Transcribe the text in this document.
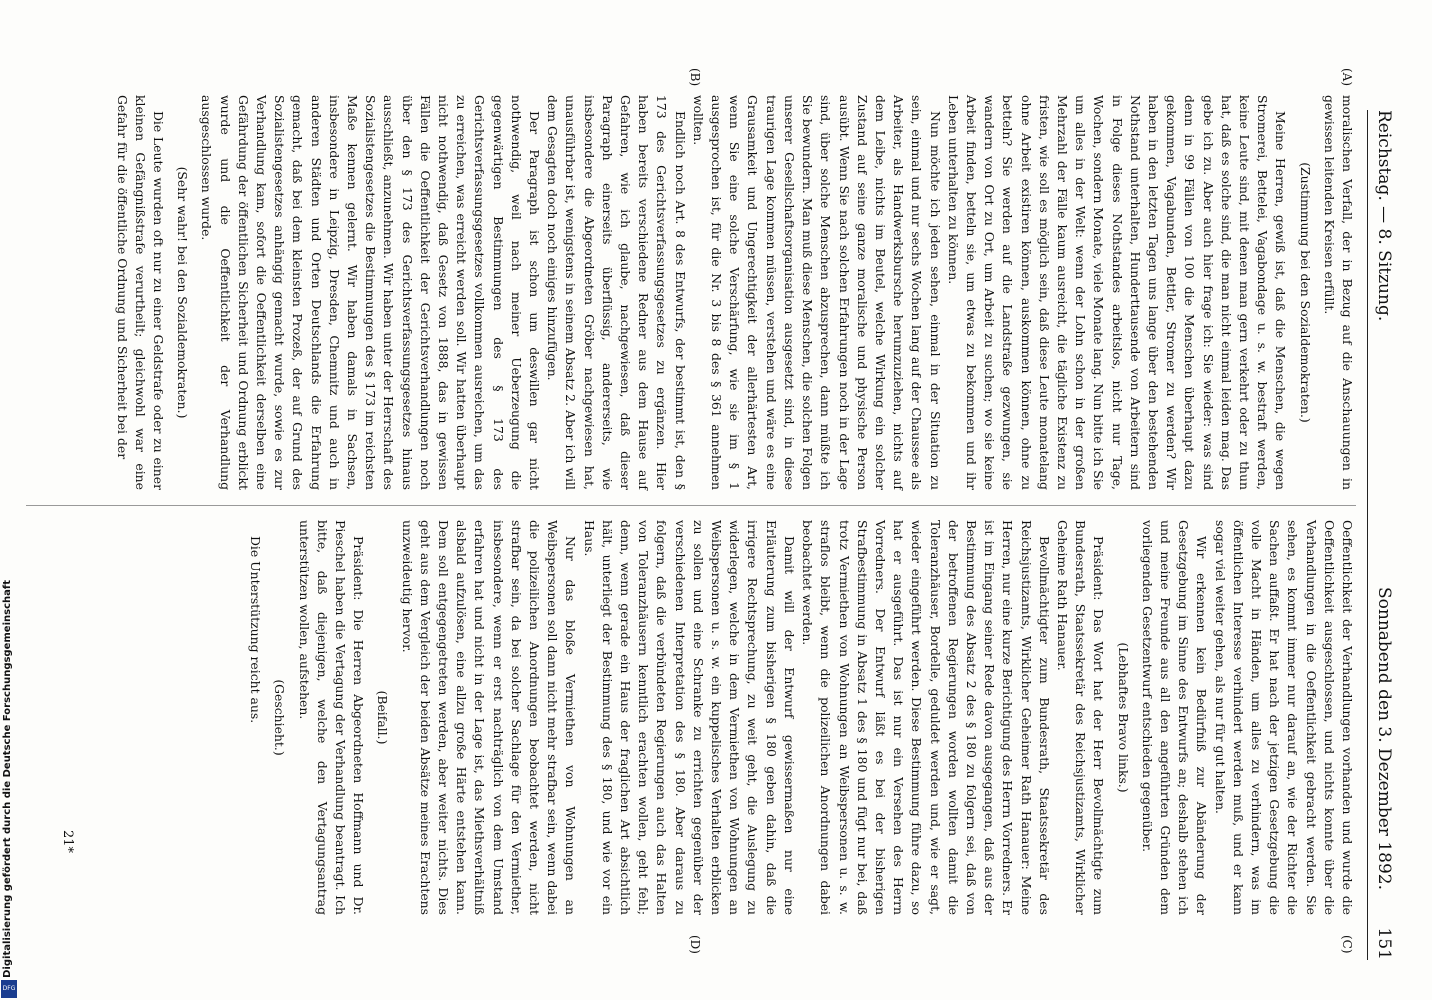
Reichstag. — 8. Sitzung.
Sonnabend den 3. Dezember 1892.
151
(A)
(B)
(C)
(D)

moralischen Verfall, der in Bezug auf die Anschauungen in gewissen leitenden Kreisen erfüllt.

(Zustimmung bei den Sozialdemokraten.)

Meine Herren, gewiß ist, daß die Menschen, die wegen Stromerei, Bettelei, Vagabondage u. s. w. bestraft werden, keine Leute sind, mit denen man gern verkehrt oder zu thun hat, daß es solche sind, die man nicht einmal leiden mag. Das gebe ich zu. Aber auch hier frage ich: Sie wieder: was sind denn in 99 Fällen von 100 die Menschen überhaupt dazu gekommen, Vagabunden, Bettler, Stromer zu werden? Wir haben in den letzten Tagen uns lange über den bestehenden Nothstand unterhalten, Hunderttausende von Arbeitern sind in Folge dieses Nothstandes arbeitslos, nicht nur Tage, Wochen, sondern Monate, viele Monate lang. Nun bitte ich Sie um alles in der Welt: wenn der Lohn schon in der großen Mehrzahl der Fälle kaum ausreicht, die tägliche Existenz zu fristen, wie soll es möglich sein, daß diese Leute monatelang ohne Arbeit existiren können, auskommen können, ohne zu betteln? Sie werden auf die Landstraße gezwungen, sie wandern von Ort zu Ort, um Arbeit zu suchen; wo sie keine Arbeit finden, betteln sie, um etwas zu bekommen und ihr Leben unterhalten zu können.

Nun möchte ich jeden sehen, einmal in der Situation zu sein, einmal und nur sechs Wochen lang auf der Chaussee als Arbeiter, als Handwerksbursche herumzuziehen, nichts auf dem Leibe, nichts im Beutel, welche Wirkung ein solcher Zustand auf seine ganze moralische und physische Person ausübt. Wenn Sie nach solchen Erfahrungen noch in der Lage sind, über solche Menschen abzusprechen, dann müßte ich Sie bewundern. Man muß diese Menschen, die solchen Folgen unserer Gesellschaftsorganisation ausgesetzt sind, in diese traurigen Lage kommen müssen, verstehen und wäre es eine Grausamkeit und Ungerechtigkeit der allerhärtesten Art, wenn Sie eine solche Verschärfung, wie sie im § 1 ausgesprochen ist, für die Nr. 3 bis 8 des § 361 annehmen wollten.

Endlich noch Art. 8 des Entwurfs, der bestimmt ist, den § 173 des Gerichtsverfassungsgesetzes zu ergänzen. Hier haben bereits verschiedene Redner aus dem Hause auf Gefahren, wie ich glaube, nachgewiesen, daß dieser Paragraph einerseits überflüssig, andererseits, wie insbesondere die Abgeordneten Gröber nachgewiesen hat, unausführbar ist, wenigstens in seinem Absatz 2. Aber ich will dem Gesagten doch noch einiges hinzufügen.

Der Paragraph ist schon um deswillen gar nicht nothwendig, weil nach meiner Ueberzeugung die gegenwärtigen Bestimmungen des § 173 des Gerichtsverfassungsgesetzes vollkommen ausreichen, um das zu erreichen, was erreicht werden soll. Wir hatten überhaupt nicht nothwendig, daß Gesetz von 1888, das in gewissen Fällen die Oeffentlichkeit der Gerichtsverhandlungen noch über den § 173 des Gerichtsverfassungsgesetzes hinaus ausschließt, anzunehmen. Wir haben unter der Herrschaft des Sozialistengesetzes die Bestimmungen des § 173 im reichsten Maße kennen gelernt. Wir haben damals in Sachsen, insbesondere in Leipzig, Dresden, Chemnitz und auch in anderen Städten und Orten Deutschlands die Erfahrung gemacht, daß bei dem kleinsten Prozeß, der auf Grund des Sozialistengesetzes anhängig gemacht wurde, sowie es zur Verhandlung kam, sofort die Oeffentlichkeit derselben eine Gefährdung der öffentlichen Sicherheit und Ordnung erblickt wurde und die Oeffentlichkeit der Verhandlung ausgeschlossen wurde.

(Sehr wahr! bei den Sozialdemokraten.)

Die Leute wurden oft nur zu einer Geldstrafe oder zu einer kleinen Gefängnißstrafe verurtheilt; gleichwohl war eine Gefahr für die öffentliche Ordnung und Sicherheit bei der

Oeffentlichkeit der Verhandlungen vorhanden und wurde die Oeffentlichkeit ausgeschlossen, und nichts konnte über die Verhandlungen in die Oeffentlichkeit gebracht werden. Sie sehen, es kommt immer nur darauf an, wie der Richter die Sachen auffaßt. Er hat nach der jetzigen Gesetzgebung die volle Macht in Händen, um alles zu verhindern, was im öffentlichen Interesse verhindert werden muß, und er kann sogar viel weiter gehen, als nur für gut halten.

Wir erkennen kein Bedürfniß zur Abänderung der Gesetzgebung im Sinne des Entwurfs an; deshalb stehen ich und meine Freunde aus all den angeführten Gründen dem vorliegenden Gesetzentwurf entschieden gegenüber.

(Lebhaftes Bravo links.)

Präsident: Das Wort hat der Herr Bevollmächtigte zum Bundesrath, Staatssekretär des Reichsjustizamts, Wirklicher Geheime Rath Hanauer.

Bevollmächtigter zum Bundesrath, Staatssekretär des Reichsjustizamts, Wirklicher Geheimer Rath Hanauer: Meine Herren, nur eine kurze Berichtigung des Herrn Vorredners. Er ist im Eingang seiner Rede davon ausgegangen, daß aus der Bestimmung des Absatz 2 des § 180 zu folgern sei, daß von der betroffenen Regierungen worden wollten damit die Toleranzhäuser, Bordelle, geduldet werden und, wie er sagt, wieder eingeführt werden. Diese Bestimmung führe dazu, so hat er ausgeführt. Das ist nur ein Versehen des Herrn Vorredners. Der Entwurf läßt es bei der bisherigen Strafbestimmung in Absatz 1 des § 180 und fügt nur bei, daß trotz Vermiethen von Wohnungen an Weibspersonen u. s. w. straflos bleibt, wenn die polizeilichen Anordnungen dabei beobachtet werden.

Damit will der Entwurf gewissermaßen nur eine Erläuterung zum bisherigen § 180 geben dahin, daß die irrigere Rechtsprechung, zu weit geht, die Auslegung zu widerlegen, welche in dem Vermiethen von Wohnungen an Weibspersonen u. s. w. ein kuppelisches Verhalten erblicken zu sollen und eine Schranke zu errichten gegenüber der verschiedenen Interpretation des § 180. Aber daraus zu folgern, daß die verbündeten Regierungen auch das Halten von Toleranzhäusern kenntlich erachten wollen, geht fehl; denn, wenn gerade ein Haus der fraglichen Art absichtlich hält, unterliegt der Bestimmung des § 180, und wie vor ein Haus.

Nur das bloße Vermiethen von Wohnungen an Weibspersonen soll dann nicht mehr strafbar sein, wenn dabei die polizeilichen Anordnungen beobachtet werden, nicht strafbar sein, da bei solcher Sachlage für den Vermiether, insbesondere, wenn er erst nachträglich von dem Umstand erfahren hat und nicht in der Lage ist, das Miethsverhältniß alsbald aufzulösen, eine allzu große Härte entstehen kann. Dem soll entgegengetreten werden, aber weiter nichts. Dies geht aus dem Vergleich der beiden Absätze meines Erachtens unzweideutig hervor.

(Beifall.)

Präsident: Die Herren Abgeordneten Hoffmann und Dr. Pieschel haben die Vertagung der Verhandlung beantragt. Ich bitte, daß diejenigen, welche den Vertagungsantrag unterstützen wollen, aufstehen.

(Geschieht.)

Die Unterstützung reicht aus.

21*
Digitalisierung gefördert durch die Deutsche Forschungsgemeinschaft
DFG
